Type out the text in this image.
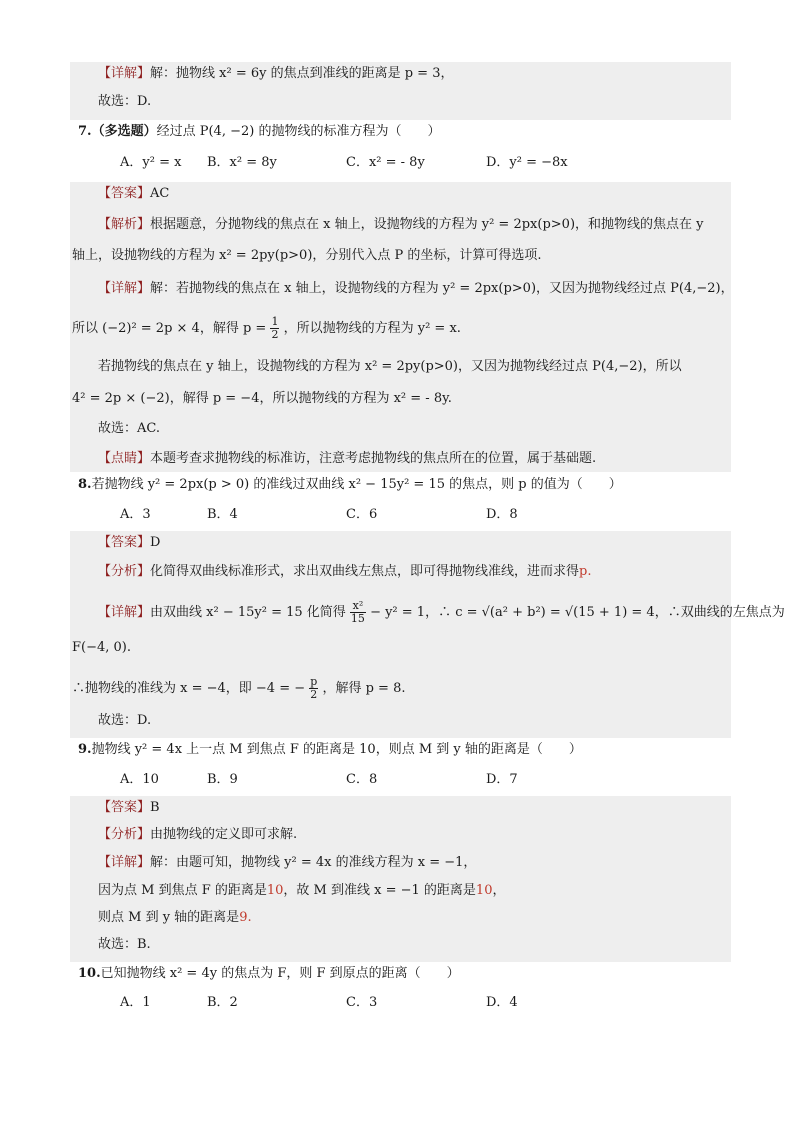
【详解】解：抛物线 x² = 6y 的焦点到准线的距离是 p = 3，
故选：D.
7.（多选题）经过点 P(4, −2) 的抛物线的标准方程为（　　）
A．y² = x B．x² = 8y	C．x² = - 8y	D．y² = −8x
【答案】AC
【解析】根据题意，分抛物线的焦点在 x 轴上，设抛物线的方程为 y² = 2px(p>0)，和抛物线的焦点在 y
轴上，设抛物线的方程为 x² = 2py(p>0)，分别代入点 P 的坐标，计算可得选项.
【详解】解：若抛物线的焦点在 x 轴上，设抛物线的方程为 y² = 2px(p>0)，又因为抛物线经过点 P(4,−2)，
所以 (−2)² = 2p × 4，解得 $p = \frac{1}{2}$ ，所以抛物线的方程为 y² = x.
若抛物线的焦点在 y 轴上，设抛物线的方程为 x² = 2py(p>0)，又因为抛物线经过点 P(4,−2)，所以
4² = 2p × (−2)，解得 p = −4，所以抛物线的方程为 x² = - 8y.
故选：AC.
【点睛】本题考查求抛物线的标准访，注意考虑抛物线的焦点所在的位置，属于基础题.
8.若抛物线 y² = 2px(p > 0) 的准线过双曲线 x² − 15y² = 15 的焦点，则 p 的值为（　　）
A．3	B．4	C．6	D．8
【答案】D
【分析】化简得双曲线标准形式，求出双曲线左焦点，即可得抛物线准线，进而求得p.
【详解】由双曲线 x² − 15y² = 15 化简得 $\frac{\text{x²}}{15} - y^2 = 1$，∴ c = √(a² + b²) = √(15 + 1) = 4，∴双曲线的左焦点为
F(−4, 0).
∴抛物线的准线为 x = −4，即 −4 = − $\frac{p}{2}$ ，解得 p = 8.
故选：D.
9.抛物线 y² = 4x 上一点 M 到焦点 F 的距离是 10，则点 M 到 y 轴的距离是（　　）
A．10	B．9	C．8	D．7
【答案】B
【分析】由抛物线的定义即可求解.
【详解】解：由题可知，抛物线 y² = 4x 的准线方程为 x = −1，
因为点 M 到焦点 F 的距离是10，故 M 到准线 x = −1 的距离是10，
则点 M 到 y 轴的距离是9.
故选：B.
10.已知抛物线 x² = 4y 的焦点为 F，则 F 到原点的距离（　　）
A．1	B．2	C．3	D．4
